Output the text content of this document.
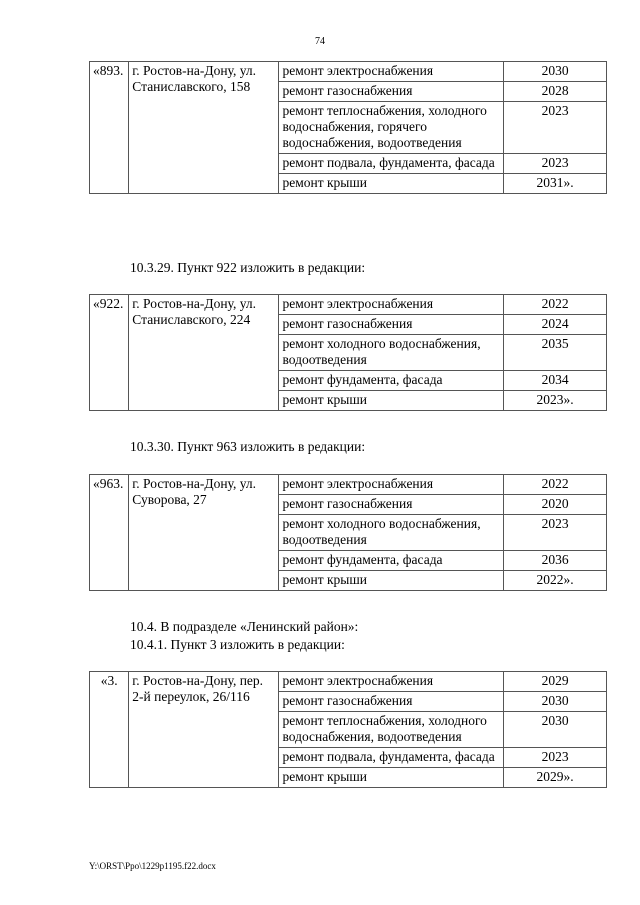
74
«893.	г. Ростов-на-Дону, ул. Станиславского, 158	ремонт электроснабжения	2030
		ремонт газоснабжения	2028
		ремонт теплоснабжения, холодного водоснабжения, горячего водоснабжения, водоотведения	2023
		ремонт подвала, фундамента, фасада	2023
		ремонт крыши	2031».
10.3.29. Пункт 922 изложить в редакции:
«922.	г. Ростов-на-Дону, ул. Станиславского, 224	ремонт электроснабжения	2022
		ремонт газоснабжения	2024
		ремонт холодного водоснабжения, водоотведения	2035
		ремонт фундамента, фасада	2034
		ремонт крыши	2023».
10.3.30. Пункт 963 изложить в редакции:
«963.	г. Ростов-на-Дону, ул. Суворова, 27	ремонт электроснабжения	2022
		ремонт газоснабжения	2020
		ремонт холодного водоснабжения, водоотведения	2023
		ремонт фундамента, фасада	2036
		ремонт крыши	2022».
10.4. В подразделе «Ленинский район»:
10.4.1. Пункт 3 изложить в редакции:
«3.	г. Ростов-на-Дону, пер. 2-й переулок, 26/116	ремонт электроснабжения	2029
		ремонт газоснабжения	2030
		ремонт теплоснабжения, холодного водоснабжения, водоотведения	2030
		ремонт подвала, фундамента, фасада	2023
		ремонт крыши	2029».
Y:\ORST\Ppo\1229p1195.f22.docx
